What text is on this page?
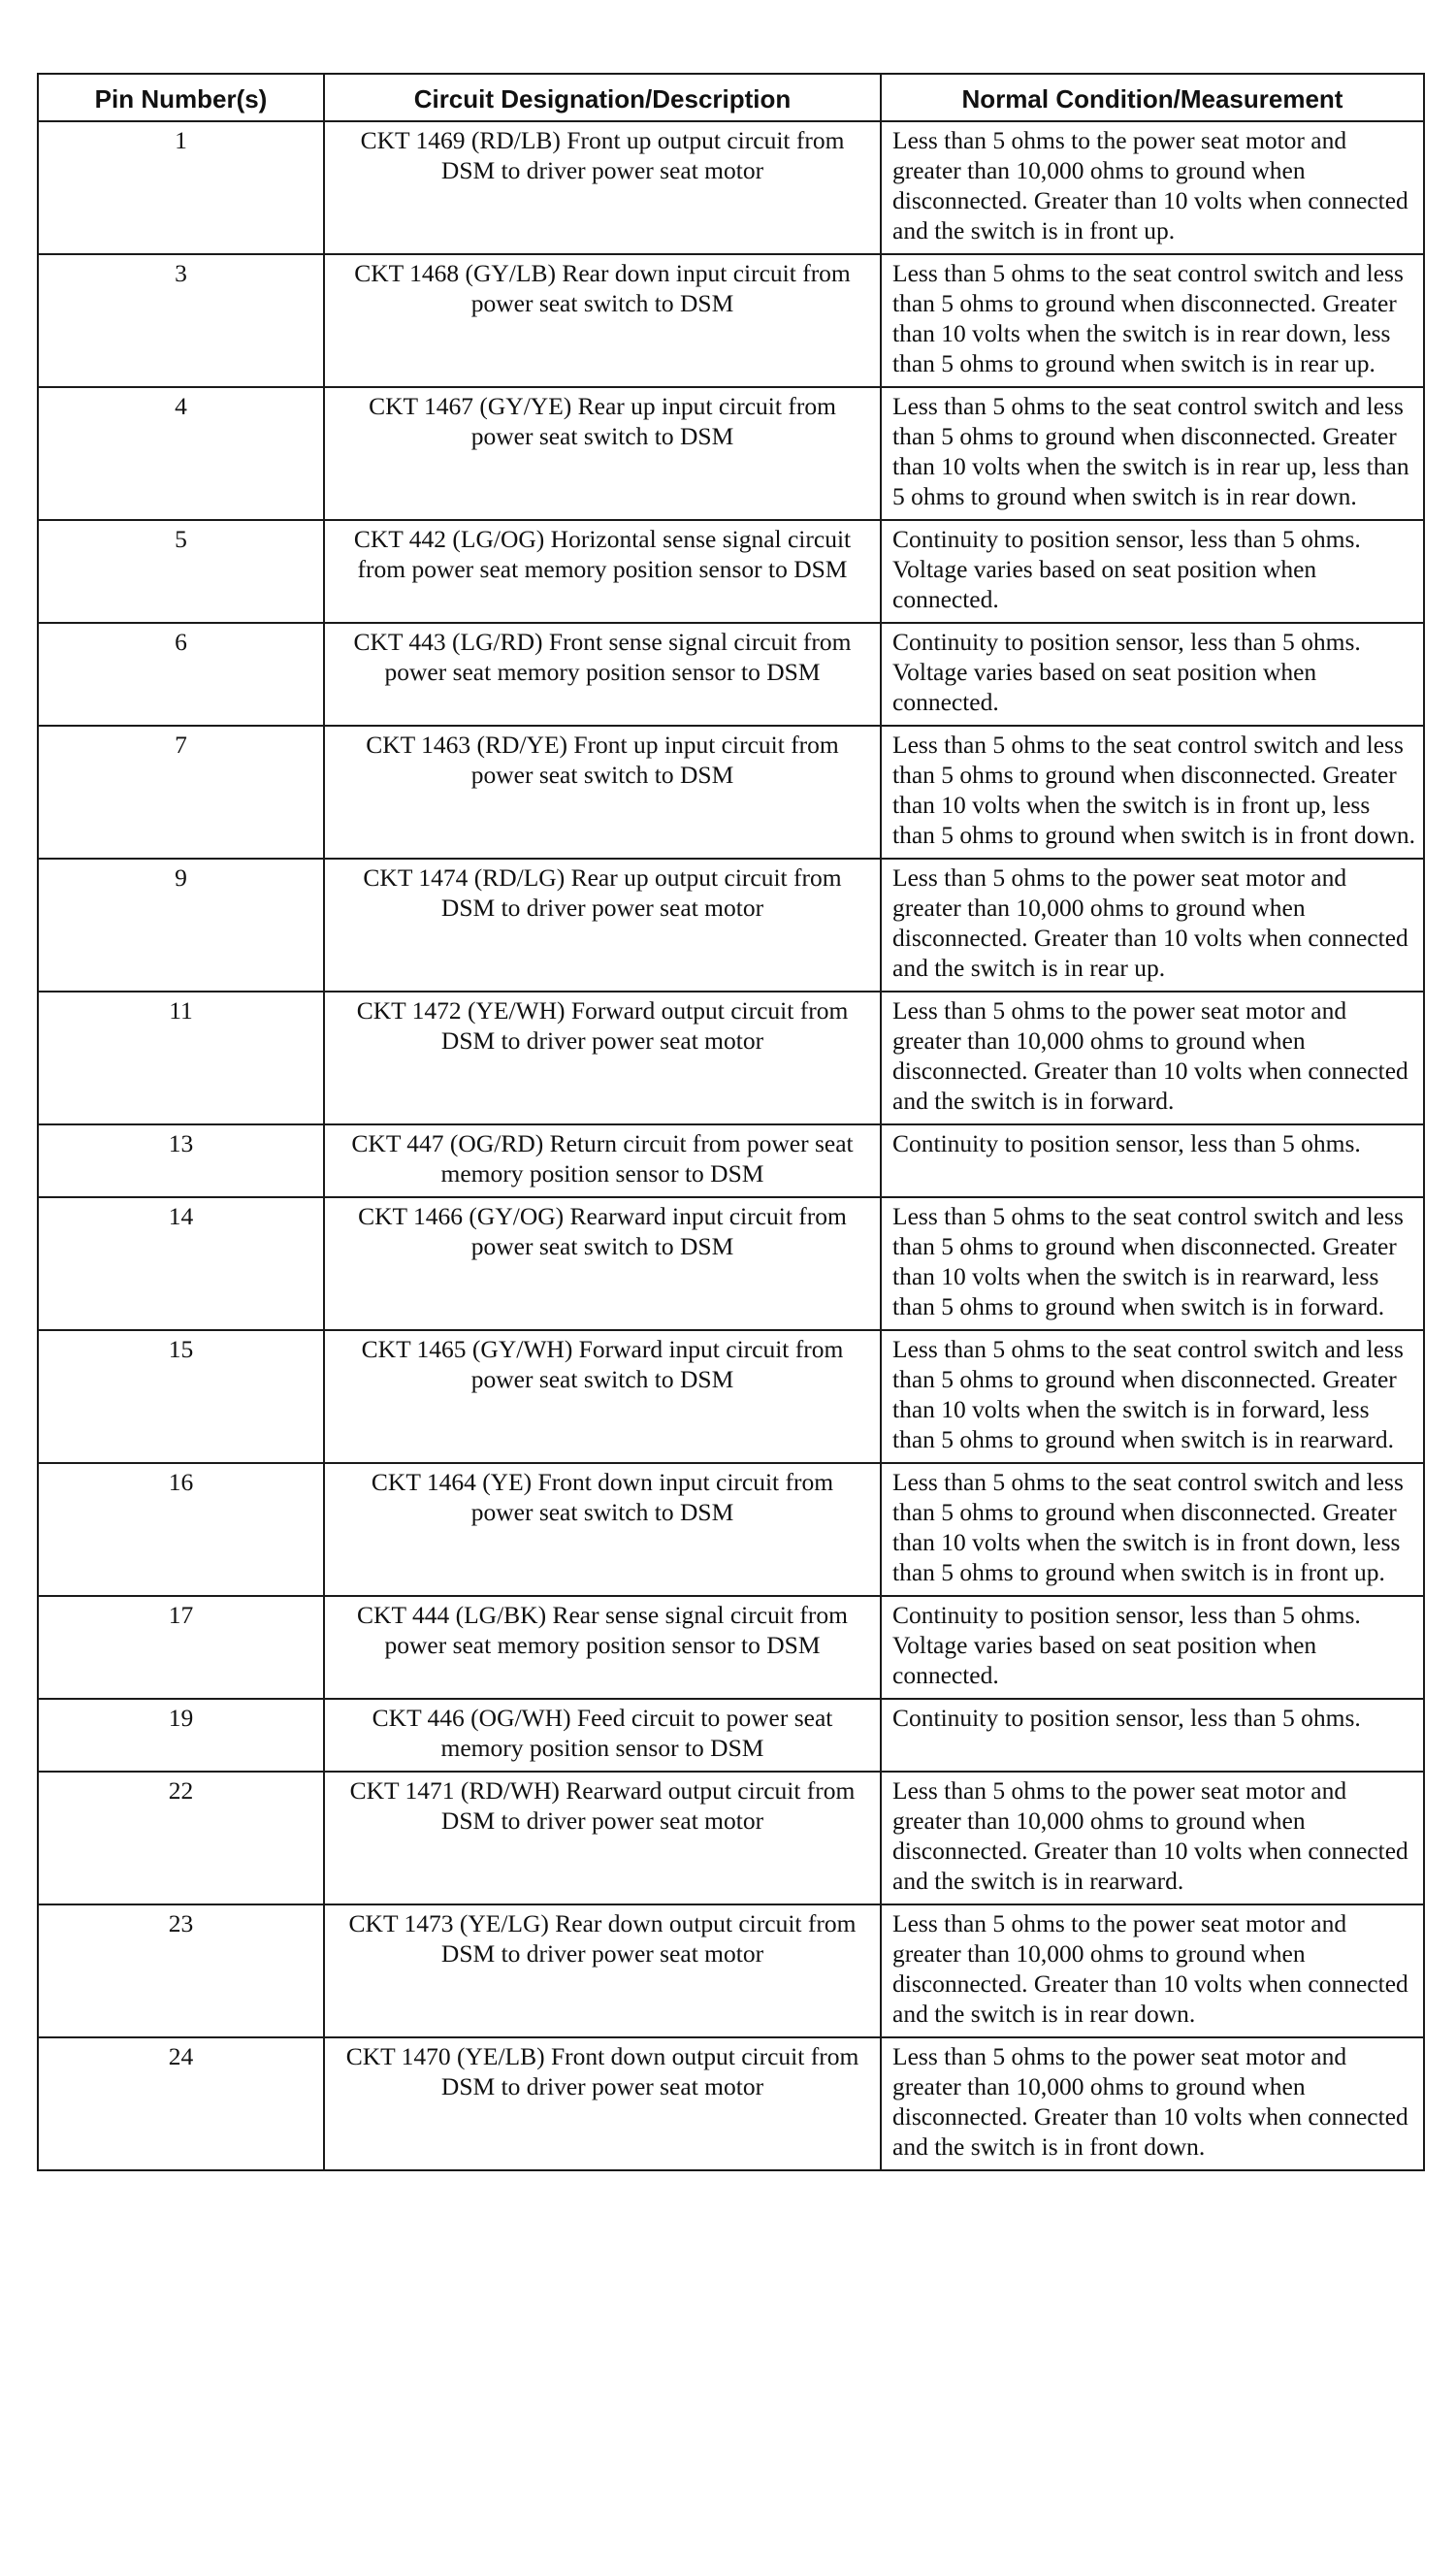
Pin Number(s)	Circuit Designation/Description	Normal Condition/Measurement
1	CKT 1469 (RD/LB) Front up output circuit from DSM to driver power seat motor	Less than 5 ohms to the power seat motor and greater than 10,000 ohms to ground when disconnected. Greater than 10 volts when connected and the switch is in front up.
3	CKT 1468 (GY/LB) Rear down input circuit from power seat switch to DSM	Less than 5 ohms to the seat control switch and less than 5 ohms to ground when disconnected. Greater than 10 volts when the switch is in rear down, less than 5 ohms to ground when switch is in rear up.
4	CKT 1467 (GY/YE) Rear up input circuit from power seat switch to DSM	Less than 5 ohms to the seat control switch and less than 5 ohms to ground when disconnected. Greater than 10 volts when the switch is in rear up, less than 5 ohms to ground when switch is in rear down.
5	CKT 442 (LG/OG) Horizontal sense signal circuit from power seat memory position sensor to DSM	Continuity to position sensor, less than 5 ohms. Voltage varies based on seat position when connected.
6	CKT 443 (LG/RD) Front sense signal circuit from power seat memory position sensor to DSM	Continuity to position sensor, less than 5 ohms. Voltage varies based on seat position when connected.
7	CKT 1463 (RD/YE) Front up input circuit from power seat switch to DSM	Less than 5 ohms to the seat control switch and less than 5 ohms to ground when disconnected. Greater than 10 volts when the switch is in front up, less than 5 ohms to ground when switch is in front down.
9	CKT 1474 (RD/LG) Rear up output circuit from DSM to driver power seat motor	Less than 5 ohms to the power seat motor and greater than 10,000 ohms to ground when disconnected. Greater than 10 volts when connected and the switch is in rear up.
11	CKT 1472 (YE/WH) Forward output circuit from DSM to driver power seat motor	Less than 5 ohms to the power seat motor and greater than 10,000 ohms to ground when disconnected. Greater than 10 volts when connected and the switch is in forward.
13	CKT 447 (OG/RD) Return circuit from power seat memory position sensor to DSM	Continuity to position sensor, less than 5 ohms.
14	CKT 1466 (GY/OG) Rearward input circuit from power seat switch to DSM	Less than 5 ohms to the seat control switch and less than 5 ohms to ground when disconnected. Greater than 10 volts when the switch is in rearward, less than 5 ohms to ground when switch is in forward.
15	CKT 1465 (GY/WH) Forward input circuit from power seat switch to DSM	Less than 5 ohms to the seat control switch and less than 5 ohms to ground when disconnected. Greater than 10 volts when the switch is in forward, less than 5 ohms to ground when switch is in rearward.
16	CKT 1464 (YE) Front down input circuit from power seat switch to DSM	Less than 5 ohms to the seat control switch and less than 5 ohms to ground when disconnected. Greater than 10 volts when the switch is in front down, less than 5 ohms to ground when switch is in front up.
17	CKT 444 (LG/BK) Rear sense signal circuit from power seat memory position sensor to DSM	Continuity to position sensor, less than 5 ohms. Voltage varies based on seat position when connected.
19	CKT 446 (OG/WH) Feed circuit to power seat memory position sensor to DSM	Continuity to position sensor, less than 5 ohms.
22	CKT 1471 (RD/WH) Rearward output circuit from DSM to driver power seat motor	Less than 5 ohms to the power seat motor and greater than 10,000 ohms to ground when disconnected. Greater than 10 volts when connected and the switch is in rearward.
23	CKT 1473 (YE/LG) Rear down output circuit from DSM to driver power seat motor	Less than 5 ohms to the power seat motor and greater than 10,000 ohms to ground when disconnected. Greater than 10 volts when connected and the switch is in rear down.
24	CKT 1470 (YE/LB) Front down output circuit from DSM to driver power seat motor	Less than 5 ohms to the power seat motor and greater than 10,000 ohms to ground when disconnected. Greater than 10 volts when connected and the switch is in front down.
